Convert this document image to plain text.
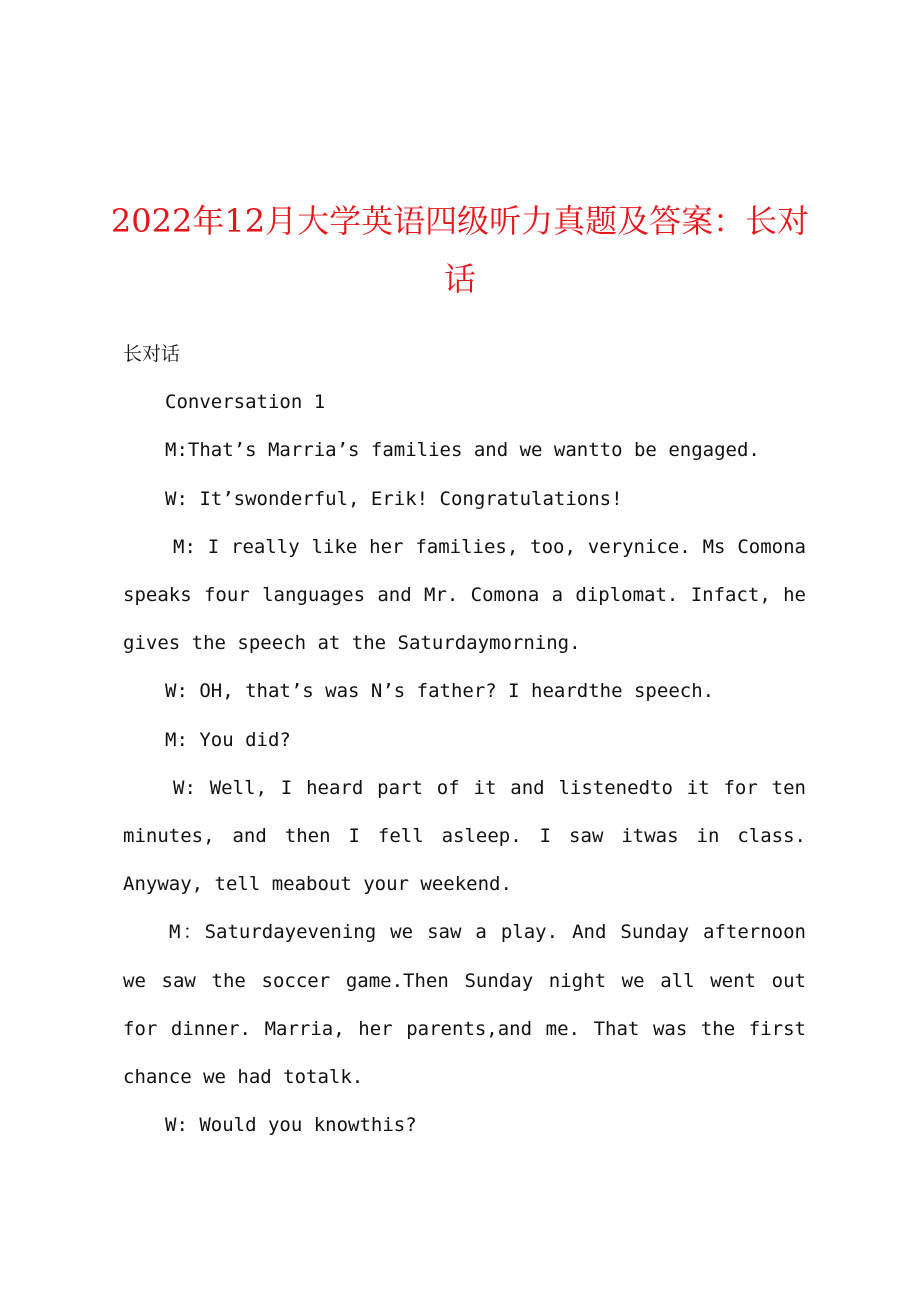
2022年12月大学英语四级听力真题及答案：长对话

长对话

Conversation 1

M:That’s Marria’s families and we wantto be engaged.

W: It’swonderful, Erik! Congratulations!

M: I really like her families, too, verynice. Ms Comona speaks four languages and Mr. Comona a diplomat. Infact, he gives the speech at the Saturdaymorning.

W: OH, that’s was N’s father? I heardthe speech.

M: You did?

W: Well, I heard part of it and listenedto it for ten minutes, and then I fell asleep. I saw itwas in class. Anyway, tell meabout your weekend.

M：Saturdayevening we saw a play. And Sunday afternoon we saw the soccer game.Then Sunday night we all went out for dinner. Marria, her parents,and me. That was the first chance we had totalk.

W: Would you knowthis?
